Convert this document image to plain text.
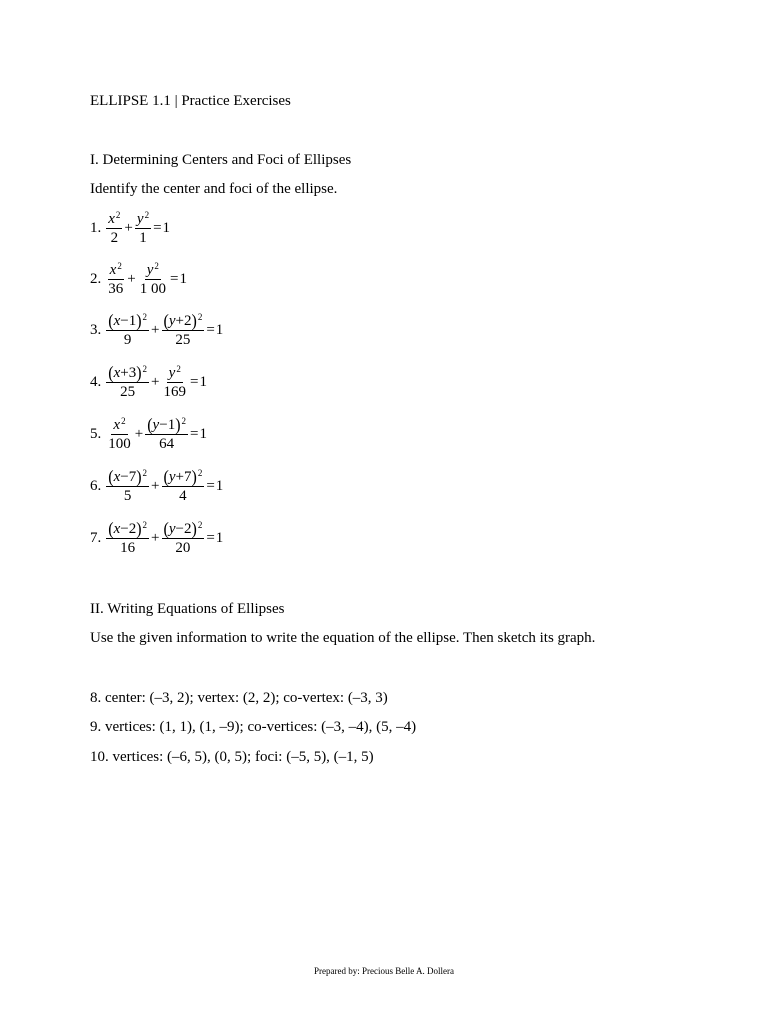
ELLIPSE 1.1 | Practice Exercises
I. Determining Centers and Foci of Ellipses
Identify the center and foci of the ellipse.
1. $\frac{x 2}{2} + \frac{y 2}{1} = 1$
2. $\frac{x 2}{36} + \frac{y 2}{1 00} = 1$
3. $\frac{( x - 1 ) 2}{9} + \frac{( y + 2 ) 2}{25} = 1$
4. $\frac{( x + 3 ) 2}{25} + \frac{y 2}{169} = 1$
5. $\frac{x 2}{100} + \frac{( y - 1 ) 2}{64} = 1$
6. $\frac{( x - 7 ) 2}{5} + \frac{( y + 7 ) 2}{4} = 1$
7. $\frac{( x - 2 ) 2}{16} + \frac{( y - 2 ) 2}{20} = 1$
II. Writing Equations of Ellipses
Use the given information to write the equation of the ellipse. Then sketch its graph.
8. center: (–3, 2); vertex: (2, 2); co-vertex: (–3, 3)
9. vertices: (1, 1), (1, –9); co-vertices: (–3, –4), (5, –4)
10. vertices: (–6, 5), (0, 5); foci: (–5, 5), (–1, 5)
Prepared by: Precious Belle A. Dollera
